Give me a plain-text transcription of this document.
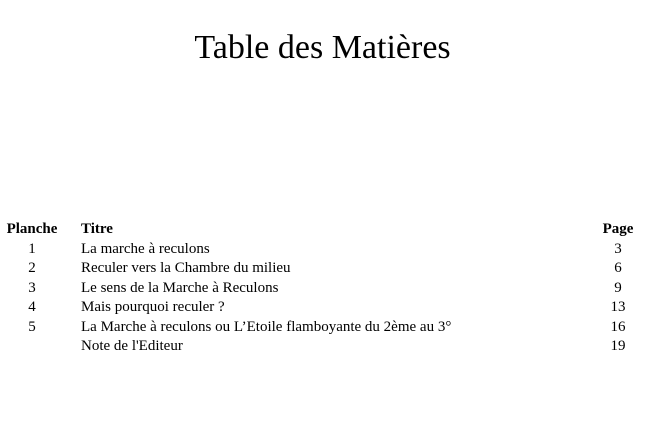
Table des Matières
Planche	Titre	Page
1	La marche à reculons	3
2	Reculer vers la Chambre du milieu	6
3	Le sens de la Marche à Reculons	9
4	Mais pourquoi reculer ?	13
5	La Marche à reculons ou L’Etoile flamboyante du 2ème au 3°	16
	Note de l'Editeur	19
